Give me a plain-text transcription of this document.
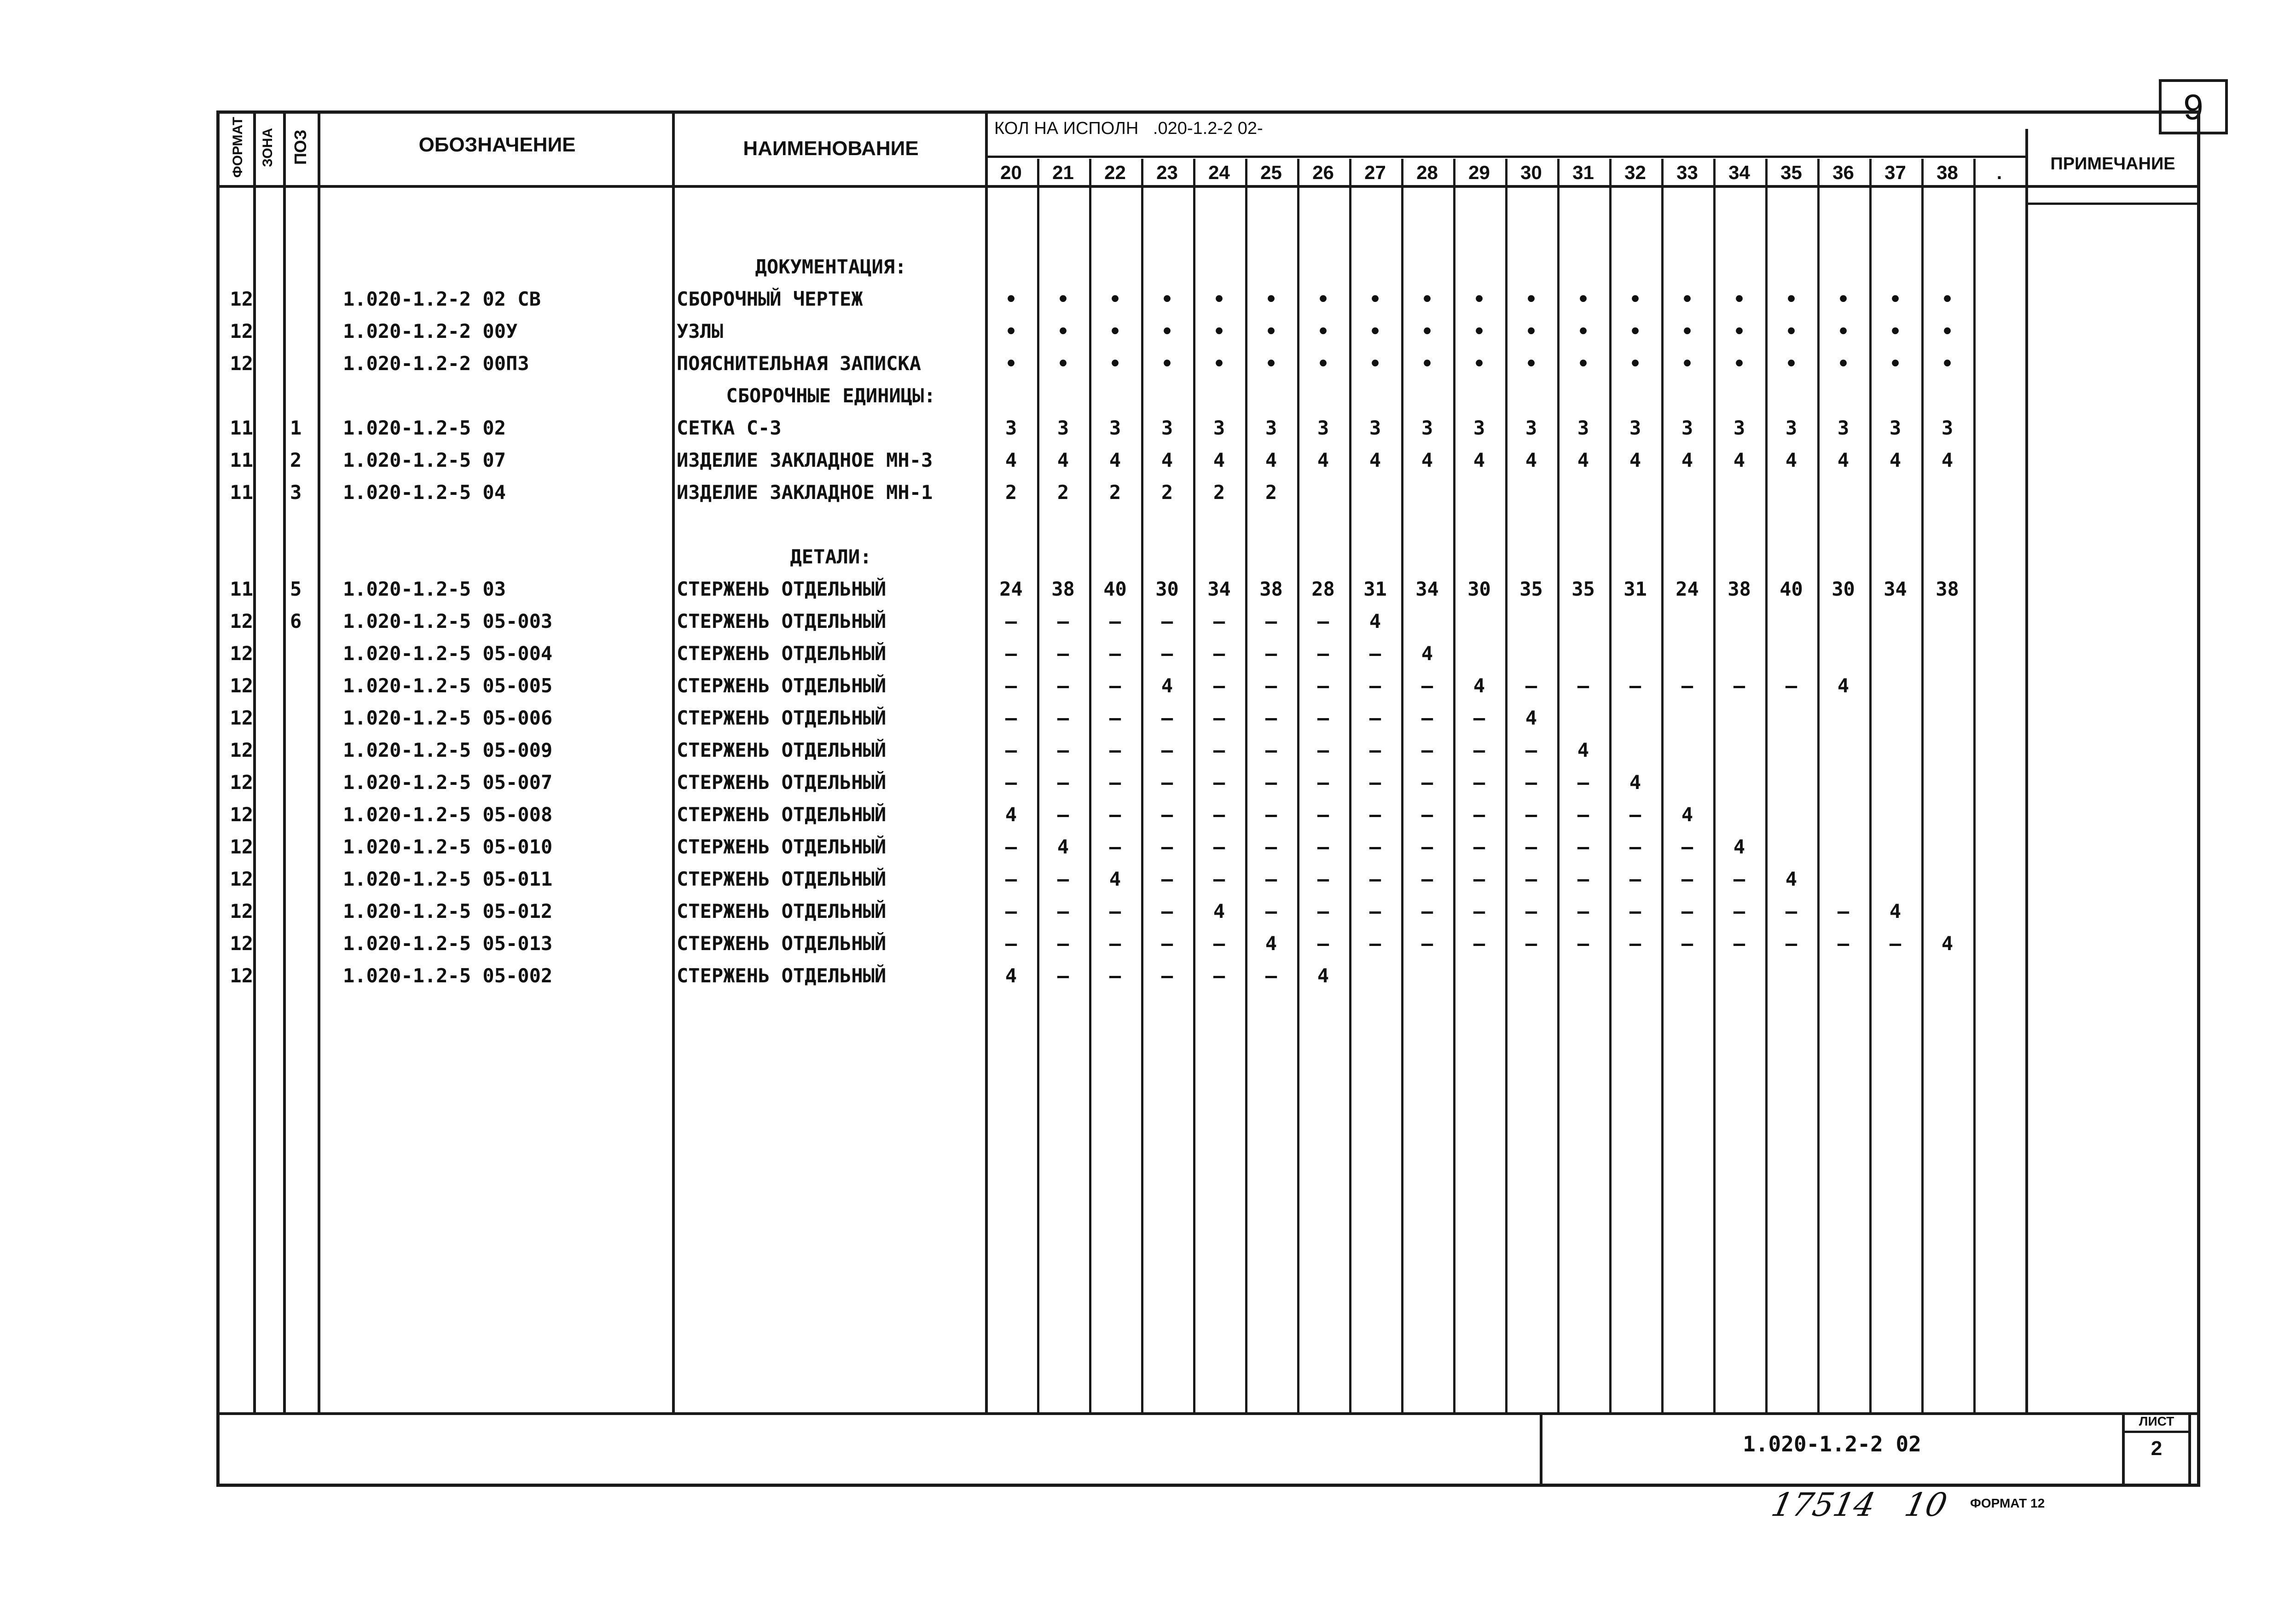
9
ФОРМАТ	ЗОНА ПОЗ	ОБОЗНАЧЕНИЕ	НАИМЕНОВАНИЕ
КОЛ НА ИСПОЛН   .020-1.2-2 02-
ПРИМЕЧАНИЕ
20	21	22	23	24	25	26	27	28	29	30	31	32	33	34	35	36	37	38	.
ДОКУМЕНТАЦИЯ:
СБОРОЧНЫЕ ЕДИНИЦЫ:
ДЕТАЛИ:
12	1.020-1.2-2 02 СВ	СБОРОЧНЫЙ ЧЕРТЕЖ	•	•	•	•	•	•	•	•	•	•	•	•	•	•	•	•	•	•	•
12	1.020-1.2-2 00У	УЗЛЫ	•	•	•	•	•	•	•	•	•	•	•	•	•	•	•	•	•	•	•
12	1.020-1.2-2 00ПЗ	ПОЯСНИТЕЛЬНАЯ ЗАПИСКА	•	•	•	•	•	•	•	•	•	•	•	•	•	•	•	•	•	•	•
11 1	1.020-1.2-5 02	СЕТКА С-3	3	3	3	3	3	3	3	3	3	3	3	3	3	3	3	3	3	3	3
11 2	1.020-1.2-5 07	ИЗДЕЛИЕ ЗАКЛАДНОЕ МН-3	4	4	4	4	4	4	4	4	4	4	4	4	4	4	4	4	4	4	4
11 3	1.020-1.2-5 04	ИЗДЕЛИЕ ЗАКЛАДНОЕ МН-1	2	2	2	2	2	2
11 5	1.020-1.2-5 03	СТЕРЖЕНЬ ОТДЕЛЬНЫЙ	24	38	40	30	34	38	28	31	34	30	35	35	31	24	38	40	30	34	38
12 6	1.020-1.2-5 05-003	СТЕРЖЕНЬ ОТДЕЛЬНЫЙ	–	–	–	–	–	–	–	4
12	1.020-1.2-5 05-004	СТЕРЖЕНЬ ОТДЕЛЬНЫЙ	–	–	–	–	–	–	–	–	4
12	1.020-1.2-5 05-005	СТЕРЖЕНЬ ОТДЕЛЬНЫЙ	–	–	–	4	–	–	–	–	–	4	–	–	–	–	–	–	4
12	1.020-1.2-5 05-006	СТЕРЖЕНЬ ОТДЕЛЬНЫЙ	–	–	–	–	–	–	–	–	–	–	4
12	1.020-1.2-5 05-009	СТЕРЖЕНЬ ОТДЕЛЬНЫЙ	–	–	–	–	–	–	–	–	–	–	–	4
12	1.020-1.2-5 05-007	СТЕРЖЕНЬ ОТДЕЛЬНЫЙ	–	–	–	–	–	–	–	–	–	–	–	–	4
12	1.020-1.2-5 05-008	СТЕРЖЕНЬ ОТДЕЛЬНЫЙ	4	–	–	–	–	–	–	–	–	–	–	–	–	4
12	1.020-1.2-5 05-010	СТЕРЖЕНЬ ОТДЕЛЬНЫЙ	–	4	–	–	–	–	–	–	–	–	–	–	–	–	4
12	1.020-1.2-5 05-011	СТЕРЖЕНЬ ОТДЕЛЬНЫЙ	–	–	4	–	–	–	–	–	–	–	–	–	–	–	–	4
12	1.020-1.2-5 05-012	СТЕРЖЕНЬ ОТДЕЛЬНЫЙ	–	–	–	–	4	–	–	–	–	–	–	–	–	–	–	–	–	4
12	1.020-1.2-5 05-013	СТЕРЖЕНЬ ОТДЕЛЬНЫЙ	–	–	–	–	–	4	–	–	–	–	–	–	–	–	–	–	–	–	4
12	1.020-1.2-5 05-002	СТЕРЖЕНЬ ОТДЕЛЬНЫЙ	4	–	–	–	–	–	4
ЛИСТ
2
1.020-1.2-2 02
17514   10 ФОРМАТ 12
